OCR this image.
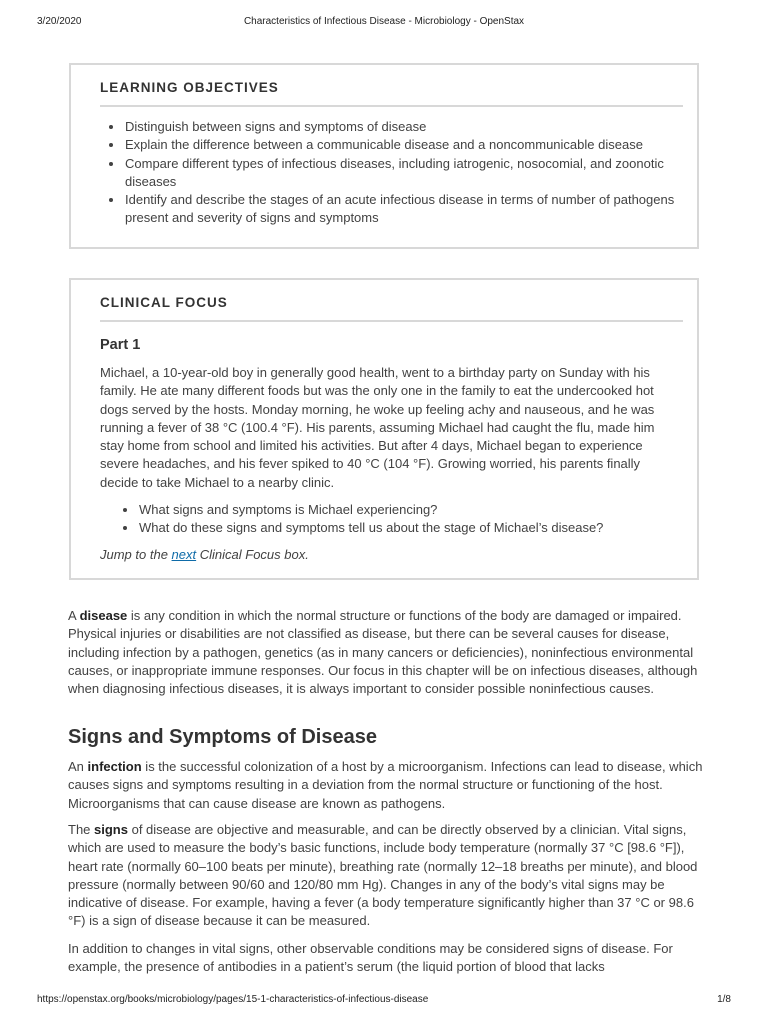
3/20/2020	Characteristics of Infectious Disease - Microbiology - OpenStax
LEARNING OBJECTIVES
Distinguish between signs and symptoms of disease
Explain the difference between a communicable disease and a noncommunicable disease
Compare different types of infectious diseases, including iatrogenic, nosocomial, and zoonotic diseases
Identify and describe the stages of an acute infectious disease in terms of number of pathogens present and severity of signs and symptoms
CLINICAL FOCUS
Part 1

Michael, a 10-year-old boy in generally good health, went to a birthday party on Sunday with his family. He ate many different foods but was the only one in the family to eat the undercooked hot dogs served by the hosts. Monday morning, he woke up feeling achy and nauseous, and he was running a fever of 38 °C (100.4 °F). His parents, assuming Michael had caught the flu, made him stay home from school and limited his activities. But after 4 days, Michael began to experience severe headaches, and his fever spiked to 40 °C (104 °F). Growing worried, his parents finally decide to take Michael to a nearby clinic.

What signs and symptoms is Michael experiencing?
What do these signs and symptoms tell us about the stage of Michael’s disease?

Jump to the next Clinical Focus box.

A disease is any condition in which the normal structure or functions of the body are damaged or impaired. Physical injuries or disabilities are not classified as disease, but there can be several causes for disease, including infection by a pathogen, genetics (as in many cancers or deficiencies), noninfectious environmental causes, or inappropriate immune responses. Our focus in this chapter will be on infectious diseases, although when diagnosing infectious diseases, it is always important to consider possible noninfectious causes.

Signs and Symptoms of Disease

An infection is the successful colonization of a host by a microorganism. Infections can lead to disease, which causes signs and symptoms resulting in a deviation from the normal structure or functioning of the host. Microorganisms that can cause disease are known as pathogens.

The signs of disease are objective and measurable, and can be directly observed by a clinician. Vital signs, which are used to measure the body’s basic functions, include body temperature (normally 37 °C [98.6 °F]), heart rate (normally 60–100 beats per minute), breathing rate (normally 12–18 breaths per minute), and blood pressure (normally between 90/60 and 120/80 mm Hg). Changes in any of the body’s vital signs may be indicative of disease. For example, having a fever (a body temperature significantly higher than 37 °C or 98.6 °F) is a sign of disease because it can be measured.

In addition to changes in vital signs, other observable conditions may be considered signs of disease. For example, the presence of antibodies in a patient’s serum (the liquid portion of blood that lacks

https://openstax.org/books/microbiology/pages/15-1-characteristics-of-infectious-disease	1/8
